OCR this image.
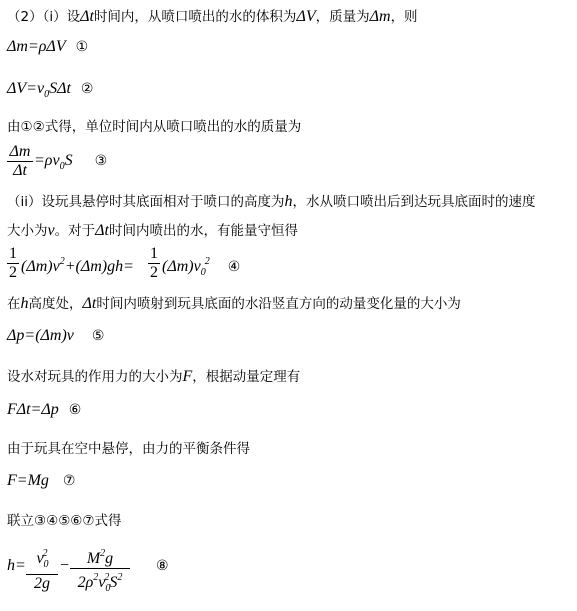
（2）（i）设Δt时间内，从喷口喷出的水的体积为ΔV，质量为Δm，则
Δm=ρΔV ①
$\Delta V=v_0S\Delta t$ ②
由①②式得，单位时间内从喷口喷出的水的质量为
Δm
Δt
$=\rho v_0S$ ③
（ii）设玩具悬停时其底面相对于喷口的高度为h，水从喷口喷出后到达玩具底面时的速度
大小为v。对于Δt时间内喷出的水，有能量守恒得
1
2 $(\Delta m)v^2+(\Delta m)gh=$
1
2 $(\Delta m)v_0^2$ ④
在h高度处，Δt时间内喷射到玩具底面的水沿竖直方向的动量变化量的大小为
Δp=(Δm)v ⑤
设水对玩具的作用力的大小为F，根据动量定理有
FΔt=Δp ⑥
由于玩具在空中悬停，由力的平衡条件得
F=Mg ⑦
联立③④⑤⑥⑦式得
$h= v_0^2$
2g
−	$M^2g$
$2\rho^2v_0^2S^2$
⑧
